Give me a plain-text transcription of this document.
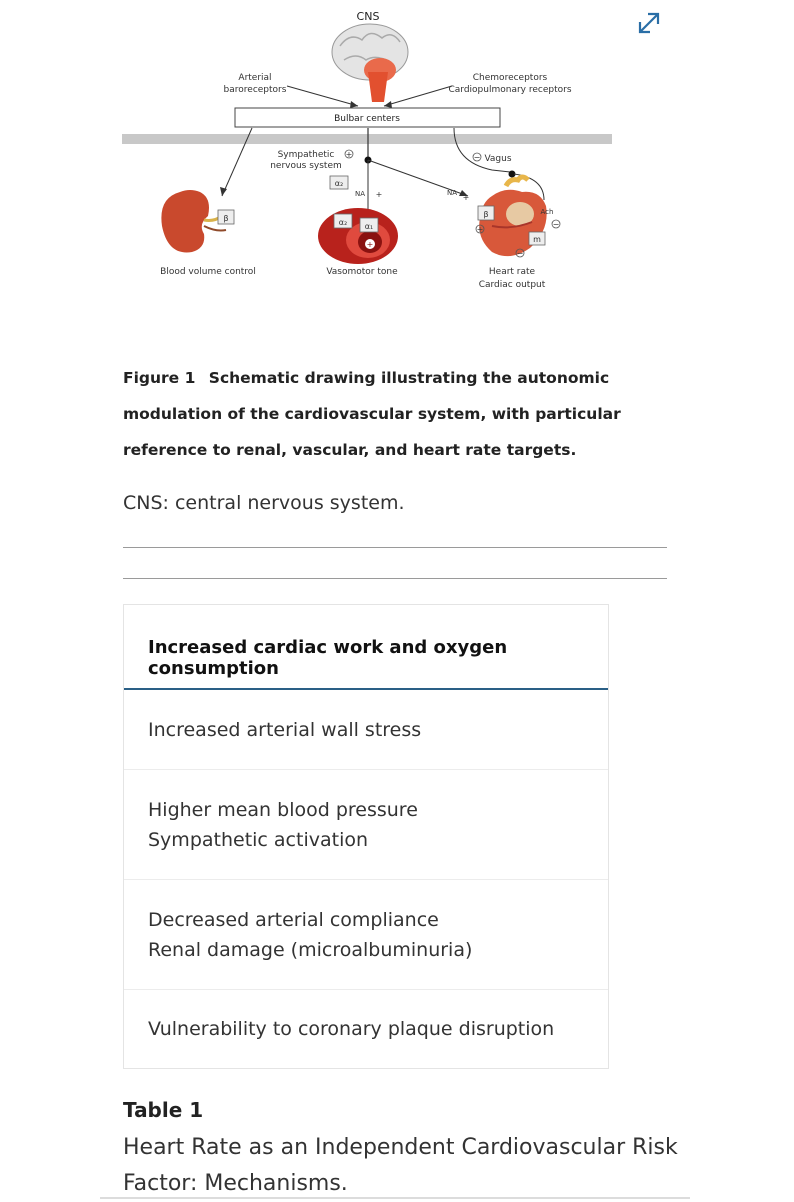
CNS
Arterial
baroreceptors
Chemoreceptors
Cardiopulmonary receptors
Bulbar centers
Sympathetic
nervous system
+	− Vagus
α₂
NA +	NA +
β
+
α₂ α₁
β
+
m
Ach
−
−
Blood volume control	Vasomotor tone	Heart rate
Cardiac output
Figure 1 Schematic drawing illustrating the autonomic modulation of the cardiovascular system, with particular reference to renal, vascular, and heart rate targets.
CNS: central nervous system.
Increased cardiac work and oxygen consumption
Increased arterial wall stress
Higher mean blood pressure
Sympathetic activation
Decreased arterial compliance
Renal damage (microalbuminuria)
Vulnerability to coronary plaque disruption
Table 1
Heart Rate as an Independent Cardiovascular Risk Factor: Mechanisms.
